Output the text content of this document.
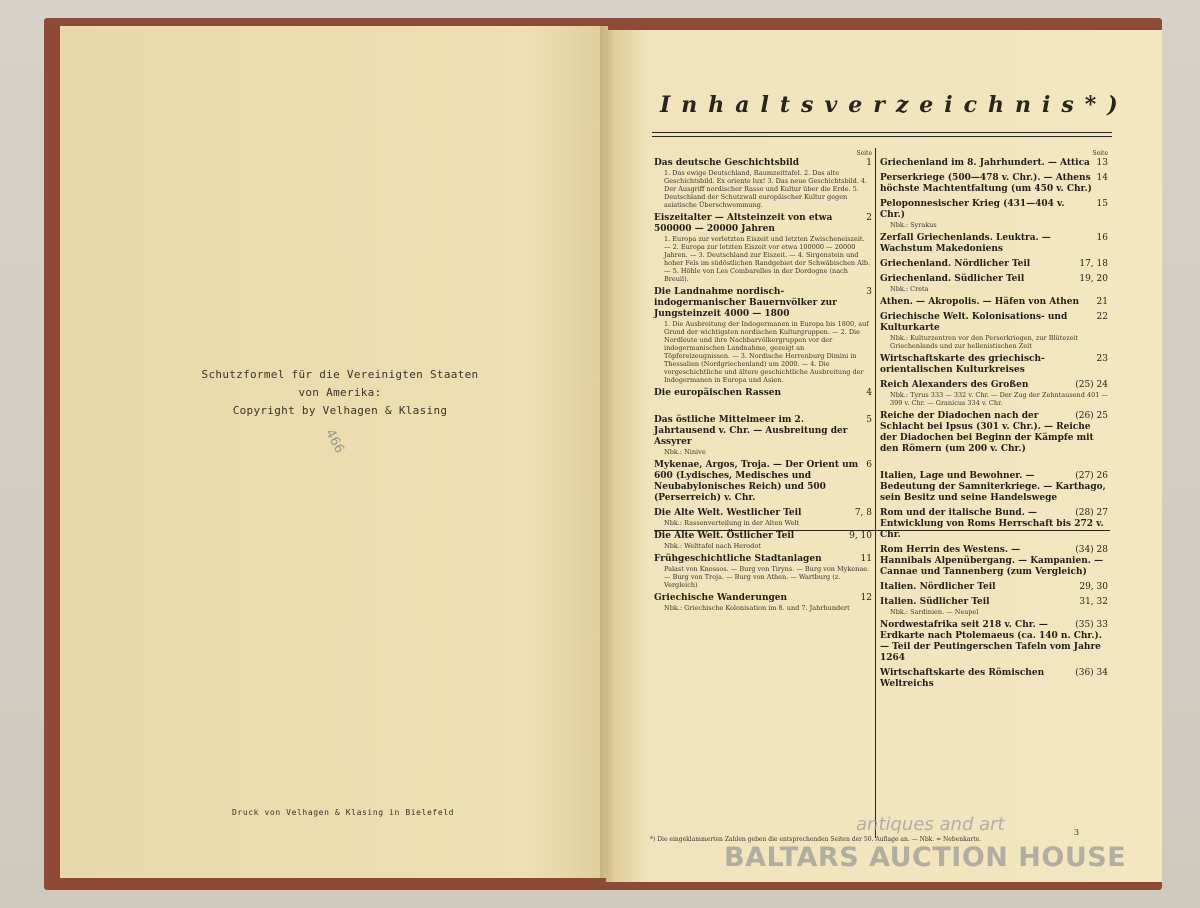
Schutzformel für die Vereinigten Staaten
von Amerika:
Copyright by Velhagen & Klasing
466
Druck von Velhagen & Klasing in Bielefeld
Inhaltsverzeichnis*)
Seite
1
Das deutsche Geschichtsbild
1. Das ewige Deutschland, Raumzeittafel. 2. Das alte Geschichtsbild. Ex oriente lux! 3. Das neue Geschichtsbild. 4. Der Ausgriff nordischer Rasse und Kultur über die Erde. 5. Deutschland der Schutzwall europäischer Kultur gegen asiatische Überschwemmung.
2
Eiszeitalter — Altsteinzeit von etwa 500000 — 20000 Jahren
1. Europa zur vorletzten Eiszeit und letzten Zwischeneiszeit. — 2. Europa zur letzten Eiszeit vor etwa 100000 — 20000 Jahren. — 3. Deutschland zur Eiszeit. — 4. Sirgenstein und hoher Fels im südöstlichen Randgebiet der Schwäbischen Alb. — 5. Höhle von Les Combarelles in der Dordogne (nach Breuil).
3
Die Landnahme nordisch-indogermanischer Bauernvölker zur Jungsteinzeit 4000 — 1800
1. Die Ausbreitung der Indogermanen in Europa bis 1800, auf Grund der wichtigsten nordischen Kulturgruppen. — 2. Die Nordleute und ihre Nachbarvölkergruppen vor der indogermanischen Landnahme, gezeigt an Töpfereizeugnissen. — 3. Nordische Herrenburg Dimini in Thessalien (Nordgriechenland) um 2000. — 4. Die vorgeschichtliche und ältere geschichtliche Ausbreitung der Indogermanen in Europa und Asien.
4
Die europäischen Rassen
5
Das östliche Mittelmeer im 2. Jahrtausend v. Chr. — Ausbreitung der Assyrer
Nbk.: Ninive
6
Mykenae, Argos, Troja. — Der Orient um 600 (Lydisches, Medisches und Neubabylonisches Reich) und 500 (Perserreich) v. Chr.
7, 8
Die Alte Welt. Westlicher Teil
Nbk.: Rassenverteilung in der Alten Welt
9, 10
Die Alte Welt. Östlicher Teil
Nbk.: Welttafel nach Herodot
11
Frühgeschichtliche Stadtanlagen
Palast von Knossos. — Burg von Tiryns. — Burg von Mykenae. — Burg von Troja. — Burg von Athen. — Wartburg (z. Vergleich)
12
Griechische Wanderungen
Nbk.: Griechische Kolonisation im 8. und 7. Jahrhundert
Seite
13
Griechenland im 8. Jahrhundert. — Attica
14
Perserkriege (500—478 v. Chr.). — Athens höchste Machtentfaltung (um 450 v. Chr.)
15
Peloponnesischer Krieg (431—404 v. Chr.)
Nbk.: Syrakus
16
Zerfall Griechenlands. Leuktra. — Wachstum Makedoniens
17, 18
Griechenland. Nördlicher Teil
19, 20
Griechenland. Südlicher Teil
Nbk.: Creta
21
Athen. — Akropolis. — Häfen von Athen
22
Griechische Welt. Kolonisations- und Kulturkarte
Nbk.: Kulturzentren vor den Perserkriegen, zur Blütezeit Griechenlands und zur hellenistischen Zeit
23
Wirtschaftskarte des griechisch-orientalischen Kulturkreises
(25) 24
Reich Alexanders des Großen
Nbk.: Tyrus 333 — 332 v. Chr. — Der Zug der Zehntausend 401 — 399 v. Chr. — Granicus 334 v. Chr.
(26) 25
Reiche der Diadochen nach der Schlacht bei Ipsus (301 v. Chr.). — Reiche der Diadochen bei Beginn der Kämpfe mit den Römern (um 200 v. Chr.)
(27) 26
Italien, Lage und Bewohner. — Bedeutung der Samniterkriege. — Karthago, sein Besitz und seine Handelswege
(28) 27
Rom und der italische Bund. — Entwicklung von Roms Herrschaft bis 272 v. Chr.
(34) 28
Rom Herrin des Westens. — Hannibals Alpenübergang. — Kampanien. — Cannae und Tannenberg (zum Vergleich)
29, 30
Italien. Nördlicher Teil
31, 32
Italien. Südlicher Teil
Nbk.: Sardinien. — Neapel
(35) 33
Nordwestafrika seit 218 v. Chr. — Erdkarte nach Ptolemaeus (ca. 140 n. Chr.). — Teil der Peutingerschen Tafeln vom Jahre 1264
(36) 34
Wirtschaftskarte des Römischen Weltreichs
*) Die eingeklammerten Zahlen geben die entsprechenden Seiten der 50. Auflage an. — Nbk. = Nebenkarte.
3
antiques and art
BALTARS AUCTION HOUSE
